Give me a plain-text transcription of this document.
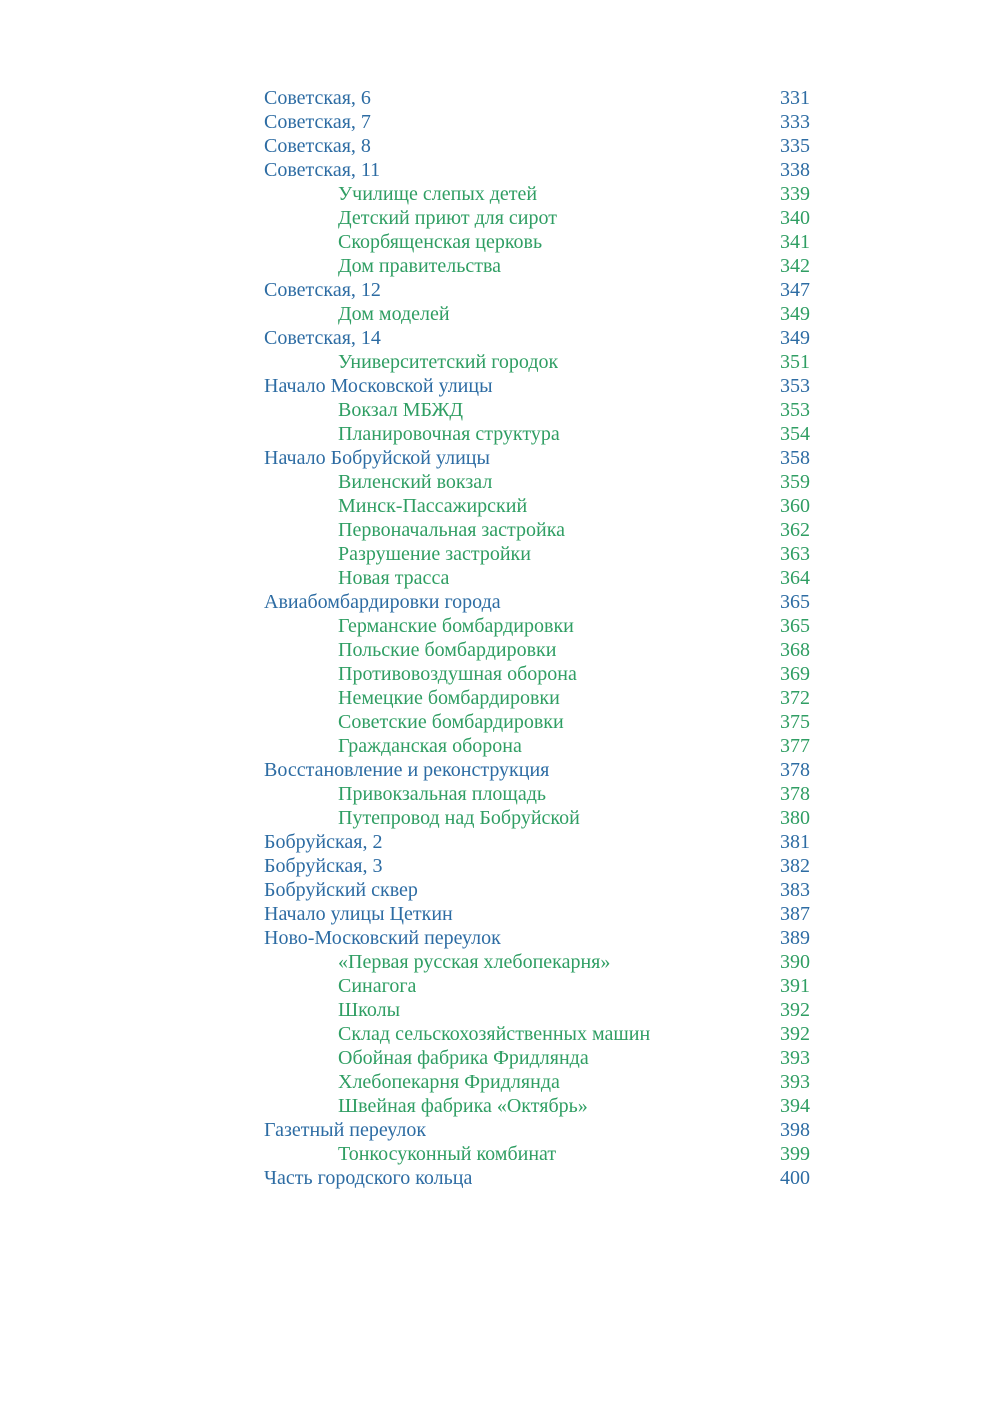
Советская, 6	331
Советская, 7	333
Советская, 8	335
Советская, 11	338
Училище слепых детей	339
Детский приют для сирот	340
Скорбященская церковь	341
Дом правительства	342
Советская, 12	347
Дом моделей	349
Советская, 14	349
Университетский городок	351
Начало Московской улицы	353
Вокзал МБЖД	353
Планировочная структура	354
Начало Бобруйской улицы	358
Виленский вокзал	359
Минск-Пассажирский	360
Первоначальная застройка	362
Разрушение застройки	363
Новая трасса	364
Авиабомбардировки города	365
Германские бомбардировки	365
Польские бомбардировки	368
Противовоздушная оборона	369
Немецкие бомбардировки	372
Советские бомбардировки	375
Гражданская оборона	377
Восстановление и реконструкция	378
Привокзальная площадь	378
Путепровод над Бобруйской	380
Бобруйская, 2	381
Бобруйская, 3	382
Бобруйский сквер	383
Начало улицы Цеткин	387
Ново-Московский переулок	389
«Первая русская хлебопекарня»	390
Синагога	391
Школы	392
Склад сельскохозяйственных машин	392
Обойная фабрика Фридлянда	393
Хлебопекарня Фридлянда	393
Швейная фабрика «Октябрь»	394
Газетный переулок	398
Тонкосуконный комбинат	399
Часть городского кольца	400
